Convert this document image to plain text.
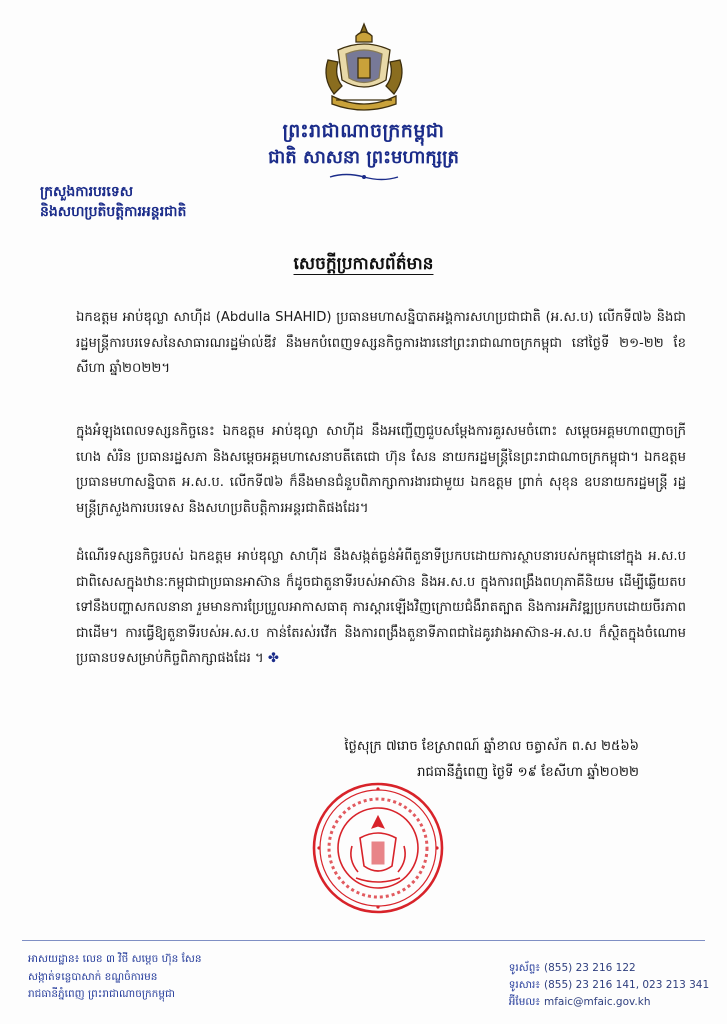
ព្រះរាជាណាចក្រកម្ពុជា
ជាតិ សាសនា ព្រះមហាក្សត្រ
ក្រសួងការបរទេស
និងសហប្រតិបត្តិការអន្តរជាតិ
សេចក្តីប្រកាសព័ត៌មាន

ឯកឧត្តម អាប់ឌុល្លា សាហ៊ីដ (Abdulla SHAHID) ប្រធានមហាសន្និបាតអង្គការសហប្រជាជាតិ (អ.ស.ប) លើកទី៧៦ និងជារដ្ឋមន្ត្រីការបរទេសនៃសាធារណរដ្ឋម៉ាល់ឌីវ នឹងមកបំពេញទស្សនកិច្ចការងារនៅព្រះរាជាណាចក្រកម្ពុជា នៅថ្ងៃទី ២១-២២ ខែសីហា ឆ្នាំ២០២២។

ក្នុងអំឡុងពេលទស្សនកិច្ចនេះ ឯកឧត្តម អាប់ឌុល្លា សាហ៊ីដ នឹងអញ្ជើញជួបសម្តែងការគួរសមចំពោះ សម្តេចអគ្គមហាពញាចក្រី ហេង សំរិន ប្រធានរដ្ឋសភា និងសម្តេចអគ្គមហាសេនាបតីតេជោ ហ៊ុន សែន នាយករដ្ឋមន្ត្រីនៃព្រះរាជាណាចក្រកម្ពុជា។ ឯកឧត្តមប្រធានមហាសន្និបាត អ.ស.ប. លើកទី៧៦ ក៏នឹងមានជំនួបពិភាក្សាការងារជាមួយ ឯកឧត្តម ព្រាក់ សុខុន ឧបនាយករដ្ឋមន្ត្រី រដ្ឋមន្ត្រីក្រសួងការបរទេស និងសហប្រតិបត្តិការអន្តរជាតិផងដែរ។

ដំណើរទស្សនកិច្ចរបស់ ឯកឧត្តម អាប់ឌុល្លា សាហ៊ីដ នឹងសង្កត់ធ្ងន់អំពីតួនាទីប្រកបដោយការស្ថាបនារបស់កម្ពុជានៅក្នុង អ.ស.ប ជាពិសេសក្នុងឋានៈកម្ពុជាជាប្រធានអាស៊ាន ក៏ដូចជាតួនាទីរបស់អាស៊ាន និងអ.ស.ប ក្នុងការពង្រឹងពហុភាគីនិយម ដើម្បីឆ្លើយតបទៅនឹងបញ្ហាសកលនានា រួមមានការប្រែប្រួលអាកាសធាតុ ការស្តារឡើងវិញក្រោយជំងឺរាតត្បាត និងការអភិវឌ្ឍប្រកបដោយចីរភាព ជាដើម។ ការធ្វើឱ្យតួនាទីរបស់អ.ស.ប កាន់តែរស់រវើក និងការពង្រឹងតួនាទីភាពជាដៃគូរវាងអាស៊ាន-អ.ស.ប ក៏ស្ថិតក្នុងចំណោមប្រធានបទសម្រាប់កិច្ចពិភាក្សាផងដែរ ។ ✤

ថ្ងៃសុក្រ ៧រោច ខែស្រាពណ៍ ឆ្នាំខាល ចត្វាស័ក ព.ស ២៥៦៦
រាជធានីភ្នំពេញ ថ្ងៃទី ១៩ ខែសីហា ឆ្នាំ២០២២
អាសយដ្ឋាន៖ លេខ ៣ វិថី សម្តេច ហ៊ុន សែន
សង្កាត់ទន្លេបាសាក់ ខណ្ឌចំការមន
រាជធានីភ្នំពេញ ព្រះរាជាណាចក្រកម្ពុជា
ទូរស័ព្ទ៖ (855) 23 216 122
ទូរសារ៖ (855) 23 216 141, 023 213 341
អ៊ីមែល៖ mfaic@mfaic.gov.kh
